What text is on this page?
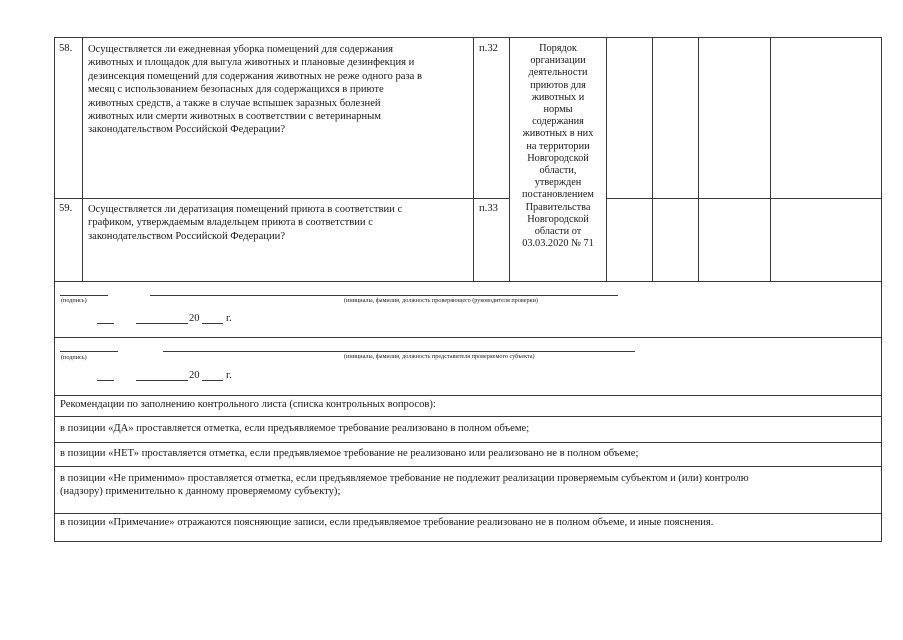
58. Осуществляется ли ежедневная уборка помещений для содержания
животных и площадок для выгула животных и плановые дезинфекция и
дезинсекция помещений для содержания животных не реже одного раза в
месяц с использованием безопасных для содержащихся в приюте
животных средств, а также в случае вспышек заразных болезней
животных или смерти животных в соответствии с ветеринарным
законодательством Российской Федерации?
п.32
59. Осуществляется ли дератизация помещений приюта в соответствии с
графиком, утверждаемым владельцем приюта в соответствии с
законодательством Российской Федерации?
п.33
Порядок
организации
деятельности
приютов для
животных и
нормы
содержания
животных в них
на территории
Новгородской
области,
утвержден
постановлением
Правительства
Новгородской
области от
03.03.2020 № 71
(подпись)	(инициалы, фамилия, должность проверяющего (руководителя проверки)
20 г.
(подпись)	(инициалы, фамилия, должность представителя проверяемого субъекта)
20 г.
Рекомендации по заполнению контрольного листа (списка контрольных вопросов):
в позиции «ДА» проставляется отметка, если предъявляемое требование реализовано в полном объеме;
в позиции «НЕТ» проставляется отметка, если предъявляемое требование не реализовано или реализовано не в полном объеме;
в позиции «Не применимо» проставляется отметка, если предъявляемое требование не подлежит реализации проверяемым субъектом и (или) контролю
(надзору) применительно к данному проверяемому субъекту);
в позиции «Примечание» отражаются поясняющие записи, если предъявляемое требование реализовано не в полном объеме, и иные пояснения.
